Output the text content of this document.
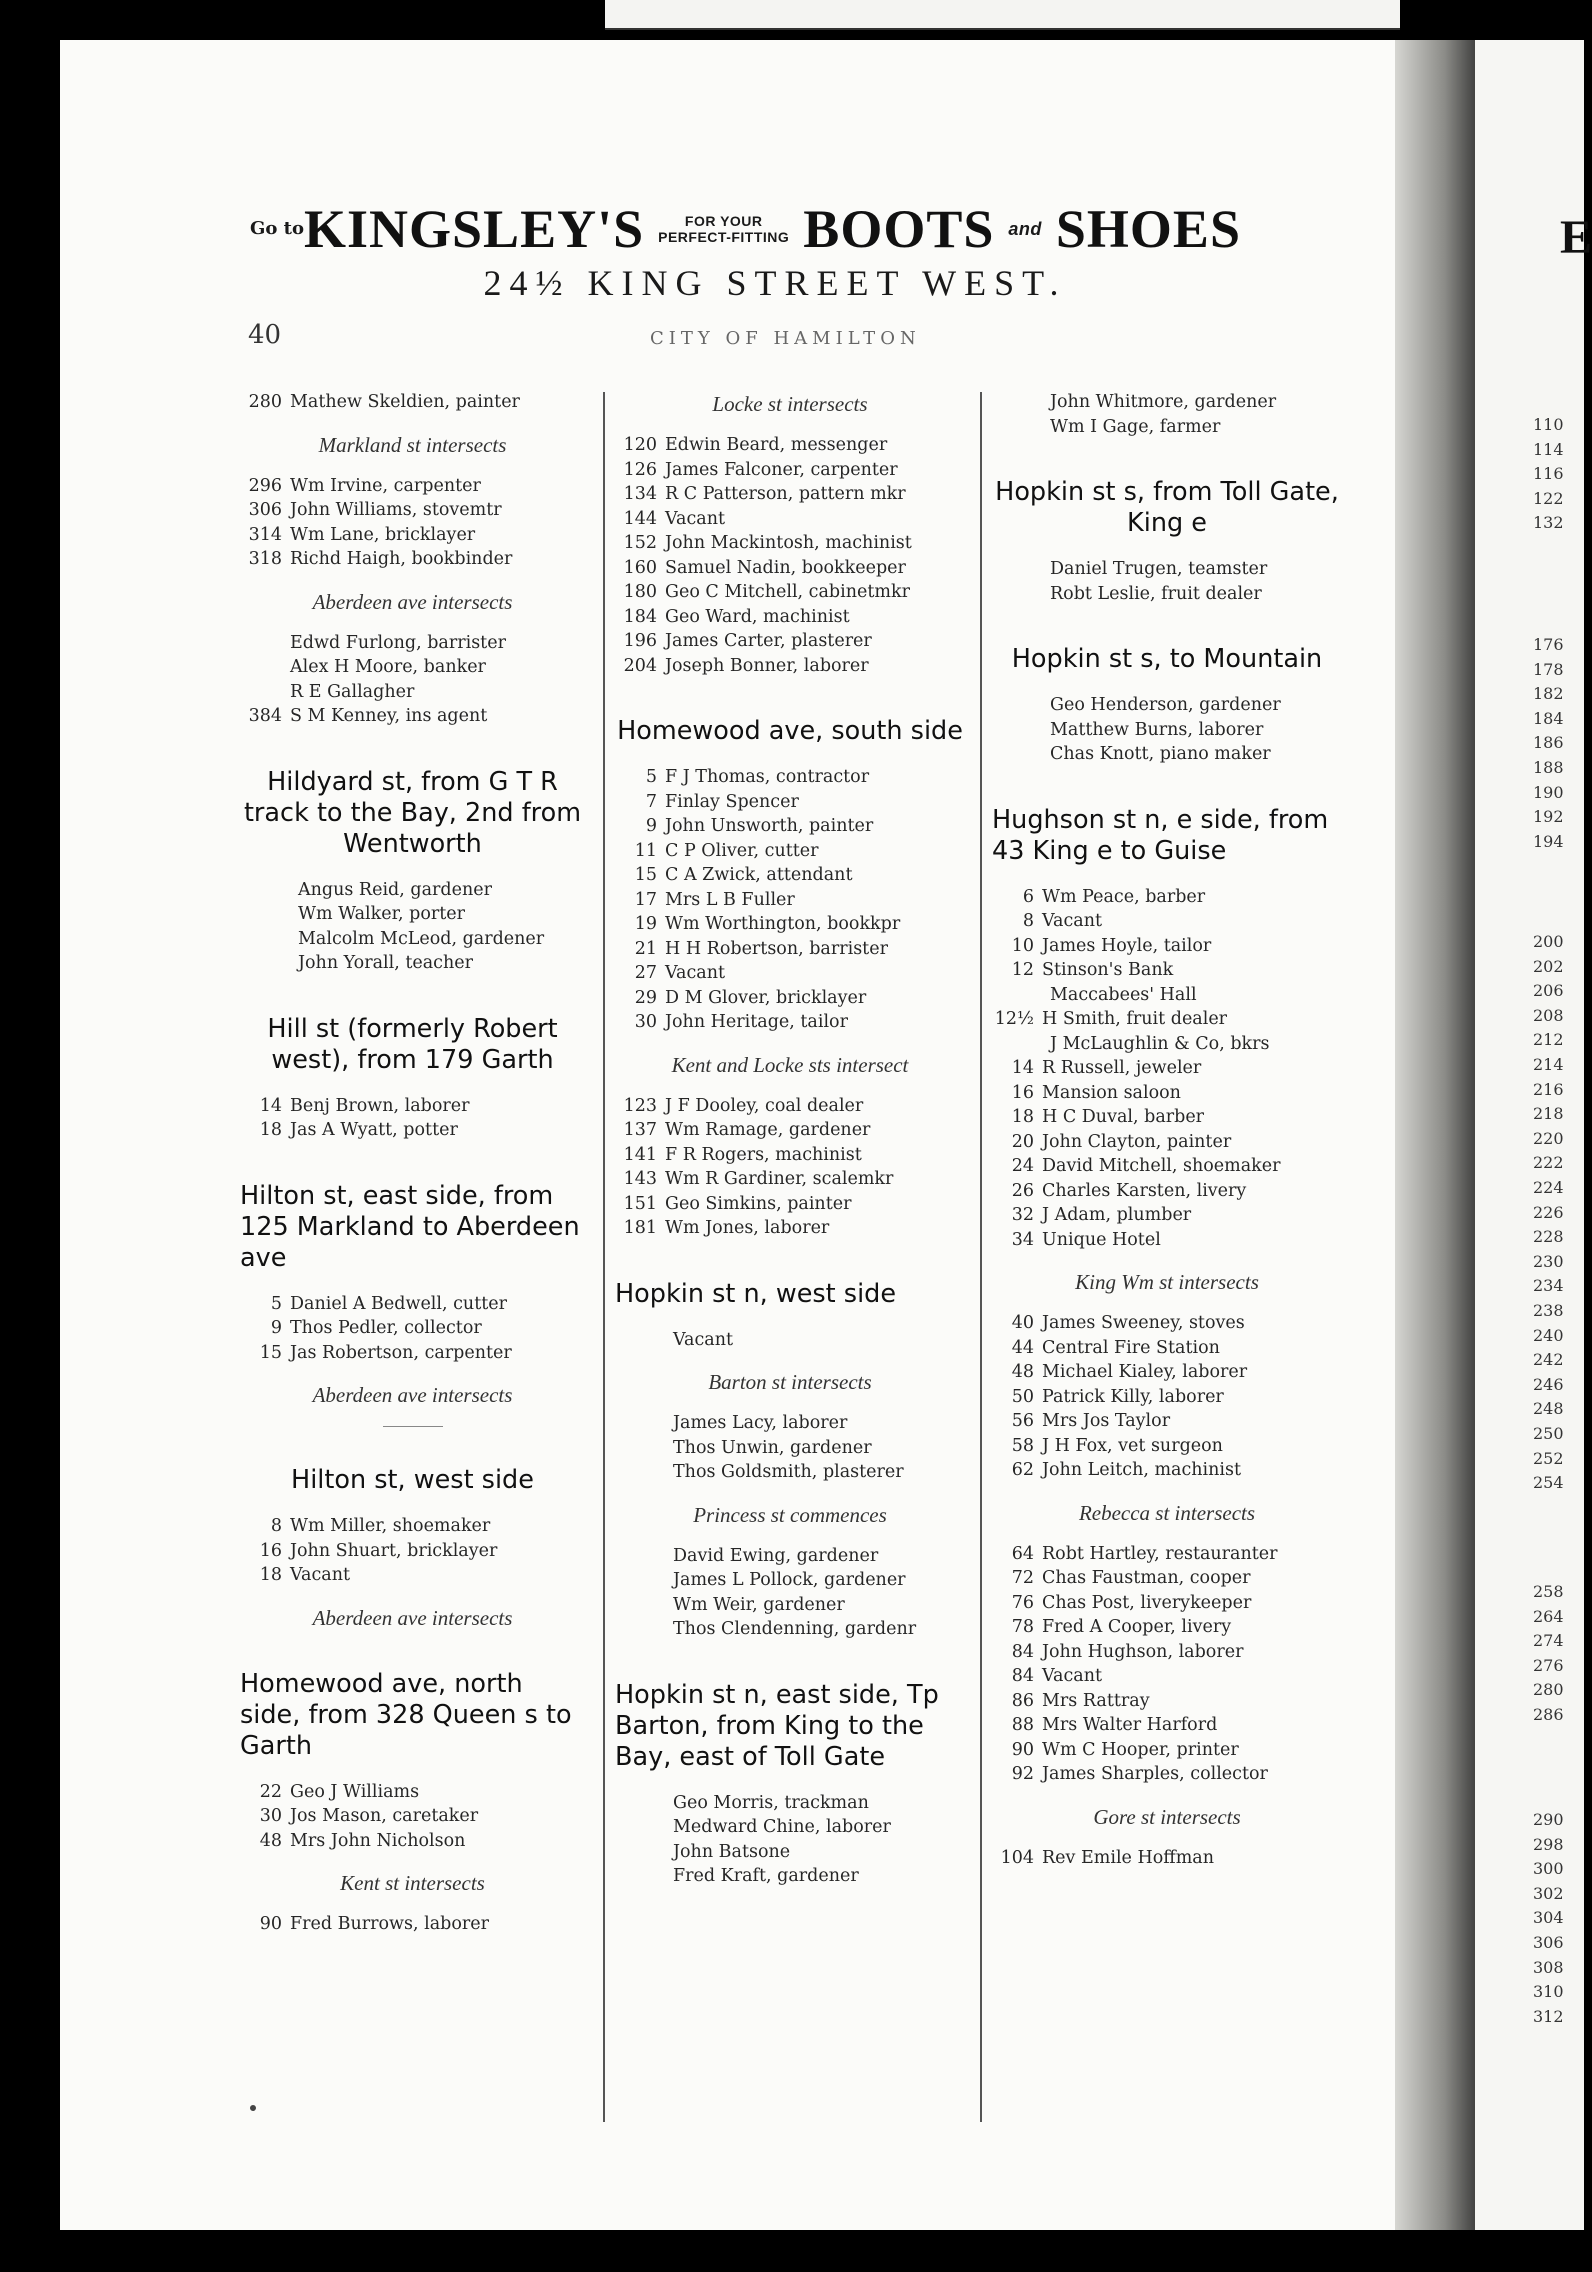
E
110
114
116
122
132
176
178
182
184
186
188
190
192
194
200
202
206
208
212
214
216
218
220
222
224
226
228
230
234
238
240
242
246
248
250
252
254
258
264
274
276
280
286
290
298
300
302
304
306
308
310
312
Go to KINGSLEY'S	FOR YOUR
PERFECT-FITTING BOOTS and SHOES
24½ KING STREET WEST.
40	CITY OF HAMILTON
280 Mathew Skeldien, painter
Markland st intersects
296 Wm Irvine, carpenter
306 John Williams, stovemtr
314 Wm Lane, bricklayer
318 Richd Haigh, bookbinder
Aberdeen ave intersects
Edwd Furlong, barrister
Alex H Moore, banker
R E Gallagher
384 S M Kenney, ins agent
Hildyard st, from G T R track to the Bay, 2nd from Wentworth
Angus Reid, gardener
Wm Walker, porter
Malcolm McLeod, gardener
John Yorall, teacher
Hill st (formerly Robert west), from 179 Garth
14 Benj Brown, laborer
18 Jas A Wyatt, potter
Hilton st, east side, from 125 Markland to Aberdeen ave
5 Daniel A Bedwell, cutter
9 Thos Pedler, collector
15 Jas Robertson, carpenter
Aberdeen ave intersects
Hilton st, west side
8 Wm Miller, shoemaker
16 John Shuart, bricklayer
18 Vacant
Aberdeen ave intersects
Homewood ave, north side, from 328 Queen s to Garth
22 Geo J Williams
30 Jos Mason, caretaker
48 Mrs John Nicholson
Kent st intersects
90 Fred Burrows, laborer
Locke st intersects
120 Edwin Beard, messenger
126 James Falconer, carpenter
134 R C Patterson, pattern mkr
144 Vacant
152 John Mackintosh, machinist
160 Samuel Nadin, bookkeeper
180 Geo C Mitchell, cabinetmkr
184 Geo Ward, machinist
196 James Carter, plasterer
204 Joseph Bonner, laborer
Homewood ave, south side
5 F J Thomas, contractor
7 Finlay Spencer
9 John Unsworth, painter
11 C P Oliver, cutter
15 C A Zwick, attendant
17 Mrs L B Fuller
19 Wm Worthington, bookkpr
21 H H Robertson, barrister
27 Vacant
29 D M Glover, bricklayer
30 John Heritage, tailor
Kent and Locke sts intersect
123 J F Dooley, coal dealer
137 Wm Ramage, gardener
141 F R Rogers, machinist
143 Wm R Gardiner, scalemkr
151 Geo Simkins, painter
181 Wm Jones, laborer
Hopkin st n, west side
Vacant
Barton st intersects
James Lacy, laborer
Thos Unwin, gardener
Thos Goldsmith, plasterer
Princess st commences
David Ewing, gardener
James L Pollock, gardener
Wm Weir, gardener
Thos Clendenning, gardenr
Hopkin st n, east side, Tp Barton, from King to the Bay, east of Toll Gate
Geo Morris, trackman
Medward Chine, laborer
John Batsone
Fred Kraft, gardener
John Whitmore, gardener
Wm I Gage, farmer
Hopkin st s, from Toll Gate, King e
Daniel Trugen, teamster
Robt Leslie, fruit dealer
Hopkin st s, to Mountain
Geo Henderson, gardener
Matthew Burns, laborer
Chas Knott, piano maker
Hughson st n, e side, from 43 King e to Guise
6 Wm Peace, barber
8 Vacant
10 James Hoyle, tailor
12 Stinson's Bank
Maccabees' Hall
12½ H Smith, fruit dealer
J McLaughlin & Co, bkrs
14 R Russell, jeweler
16 Mansion saloon
18 H C Duval, barber
20 John Clayton, painter
24 David Mitchell, shoemaker
26 Charles Karsten, livery
32 J Adam, plumber
34 Unique Hotel
King Wm st intersects
40 James Sweeney, stoves
44 Central Fire Station
48 Michael Kialey, laborer
50 Patrick Killy, laborer
56 Mrs Jos Taylor
58 J H Fox, vet surgeon
62 John Leitch, machinist
Rebecca st intersects
64 Robt Hartley, restauranter
72 Chas Faustman, cooper
76 Chas Post, liverykeeper
78 Fred A Cooper, livery
84 John Hughson, laborer
84 Vacant
86 Mrs Rattray
88 Mrs Walter Harford
90 Wm C Hooper, printer
92 James Sharples, collector
Gore st intersects
104 Rev Emile Hoffman
